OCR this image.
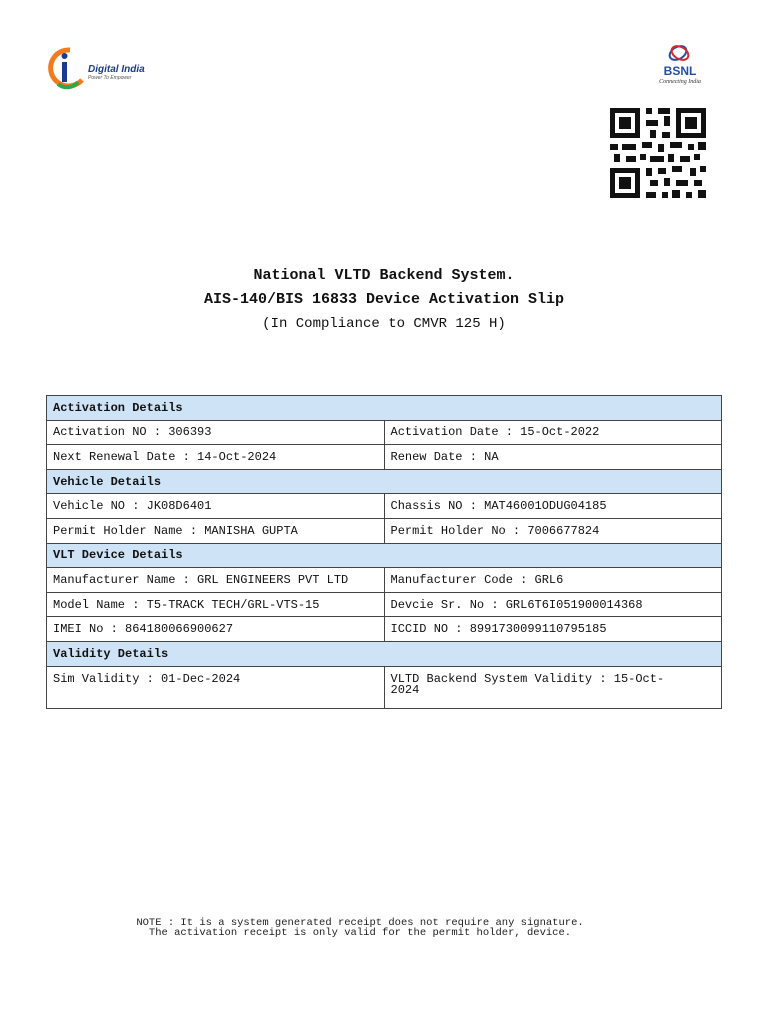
Digital India
Power To Empower	BSNL
Connecting India
National VLTD Backend System.
AIS-140/BIS 16833 Device Activation Slip
(In Compliance to CMVR 125 H)
Activation Details	
Activation NO : 306393	Activation Date : 15-Oct-2022
Next Renewal Date : 14-Oct-2024	Renew Date : NA
Vehicle Details	
Vehicle NO : JK08D6401	Chassis NO : MAT46001ODUG04185
Permit Holder Name : MANISHA GUPTA	Permit Holder No : 7006677824
VLT Device Details	
Manufacturer Name : GRL ENGINEERS PVT LTD	Manufacturer Code : GRL6
Model Name : T5-TRACK TECH/GRL-VTS-15	Devcie Sr. No : GRL6T6I051900014368
IMEI No : 864180066900627	ICCID NO : 8991730099110795185
Validity Details	
Sim Validity : 01-Dec-2024	VLTD Backend System Validity : 15-Oct-
2024
NOTE : It is a system generated receipt does not require any signature.
The activation receipt is only valid for the permit holder, device.
